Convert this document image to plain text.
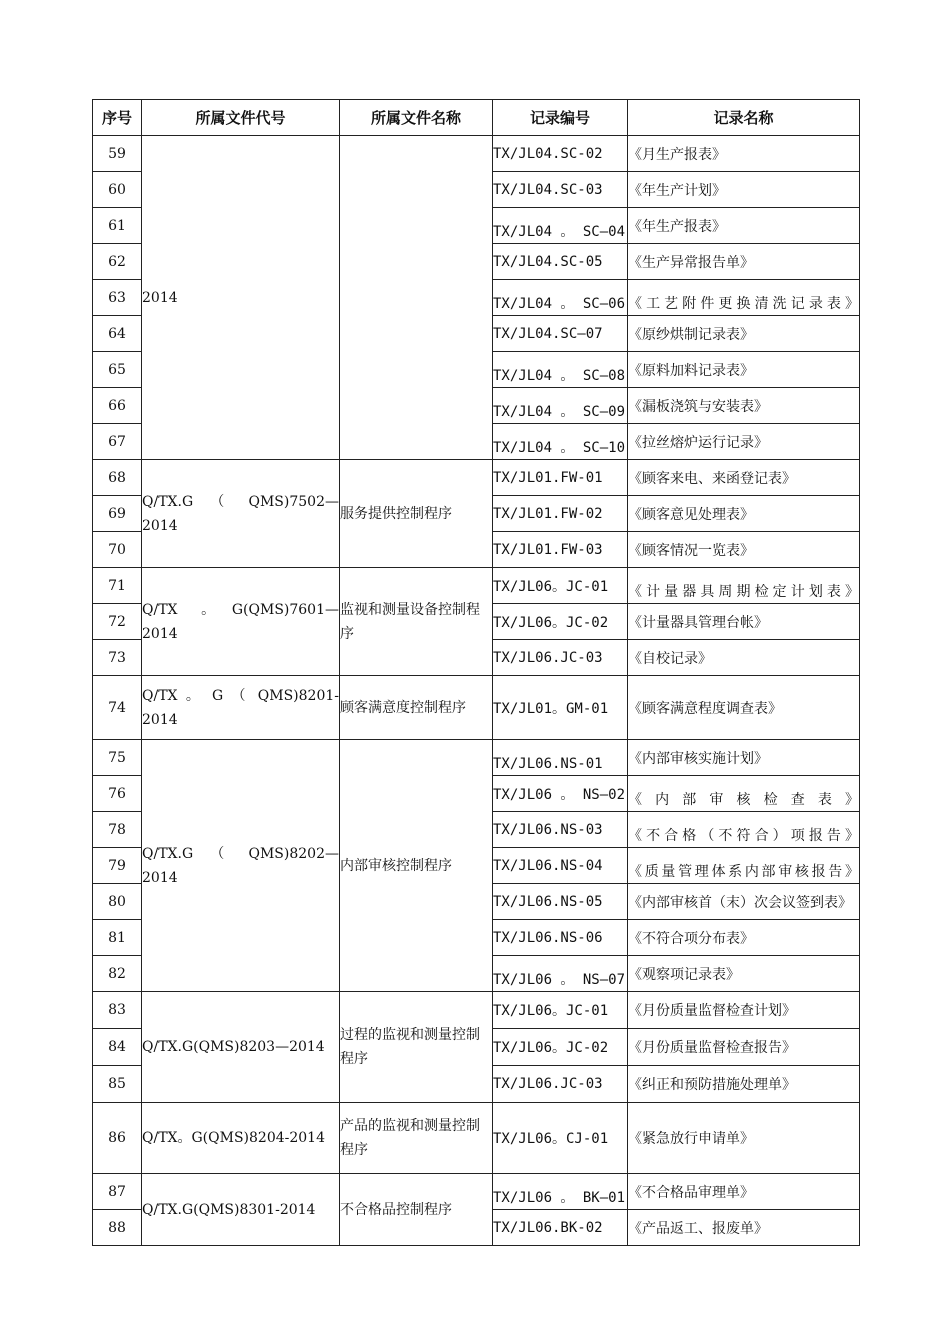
序号	所属文件代号	所属文件名称	记录编号	记录名称
59	2014		TX/JL04.SC-02	《月生产报表》
60			TX/JL04.SC-03	《年生产计划》
61			TX/JL04 。 SC—04	《年生产报表》
62			TX/JL04.SC-05	《生产异常报告单》
63			TX/JL04 。 SC—06	《工艺附件更换清洗记录表》

64			TX/JL04.SC—07	《原纱烘制记录表》
65			TX/JL04 。 SC—08	《原料加料记录表》
66			TX/JL04 。 SC—09	《漏板浇筑与安装表》
67			TX/JL04 。 SC—10	《拉丝熔炉运行记录》
68	Q/TX.G　（　QMS)7502—2014	服务提供控制程序	TX/JL01.FW-01	《顾客来电、来函登记表》
69			TX/JL01.FW-02	《顾客意见处理表》
70			TX/JL01.FW-03	《顾客情况一览表》
71	Q/TX　。　G(QMS)7601—2014	监视和测量设备控制程序	TX/JL06。JC-01	《计量器具周期检定计划表》

72			TX/JL06。JC-02	《计量器具管理台帐》
73			TX/JL06.JC-03	《自校记录》
74	Q/TX 。 G （ QMS)8201-2014	顾客满意度控制程序	TX/JL01。GM-01	《顾客满意程度调查表》
75	Q/TX.G　（　QMS)8202—2014	内部审核控制程序	TX/JL06.NS-01	《内部审核实施计划》
76			TX/JL06 。 NS—02	《内部审核检查表》

78			TX/JL06.NS-03	《不合格（不符合）项报告》

79			TX/JL06.NS-04	《质量管理体系内部审核报告》

80			TX/JL06.NS-05	《内部审核首（末）次会议签到表》
81			TX/JL06.NS-06	《不符合项分布表》
82			TX/JL06 。 NS—07	《观察项记录表》
83	Q/TX.G(QMS)8203—2014	过程的监视和测量控制程序	TX/JL06。JC-01	《月份质量监督检查计划》
84			TX/JL06。JC-02	《月份质量监督检查报告》
85			TX/JL06.JC-03	《纠正和预防措施处理单》
86	Q/TX。G(QMS)8204-2014	产品的监视和测量控制程序	TX/JL06。CJ-01	《紧急放行申请单》
87	Q/TX.G(QMS)8301-2014	不合格品控制程序	TX/JL06 。 BK—01	《不合格品审理单》
88			TX/JL06.BK-02	《产品返工、报废单》
